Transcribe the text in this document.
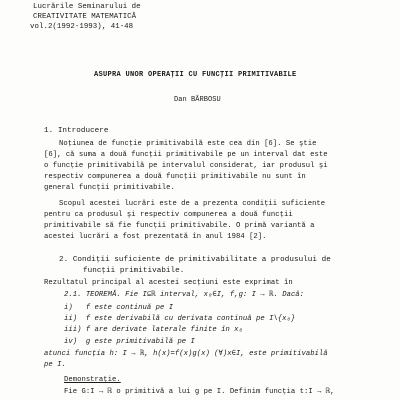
Lucrările Seminarului de

CREATIVITATE MATEMATICĂ

vol.2(1992-1993), 41-48

ASUPRA UNOR OPERAŢII CU FUNCŢII PRIMITIVABILE

Dan BĂRBOSU

1. Introducere

Noţiunea de funcţie primitivabilă este cea din [6]. Se ştie

[6], că suma a două funcţii primitivabile pe un interval dat este

o funcţie primitivabilă pe intervalul considerat, iar produsul şi

respectiv compunerea a două funcţii primitivabile nu sunt în

general funcţii primitivabile.

Scopul acestei lucrări este de a prezenta condiţii suficiente

pentru ca produsul şi respectiv compunerea a două funcţii

primitivabile să fie funcţii primitivabile. O primă variantă a

acestei lucrări a fost prezentată în anul 1984 [2].

2. Condiţii suficiente de primitivabilitate a produsului de

funcţii primitivabile.

Rezultatul principal al acestei secţiuni este exprimat în

2.1. TEOREMĂ. Fie I⊆ℝ interval, x₀∈I, f,g: I → ℝ. Dacă:

i)   f este continuă pe I

ii)  f este derivabilă cu derivata continuă pe I\{x₀}

iii) f are derivate laterale finite în x₀

iv)  g este primitivabilă pe I

atunci funcţia h: I → ℝ, h(x)=f(x)g(x) (∀)x∈I, este primitivabilă

pe I.

Demonstraţie.

Fie G:I → ℝ o primitivă a lui g pe I. Definim funcţia t:I → ℝ,
